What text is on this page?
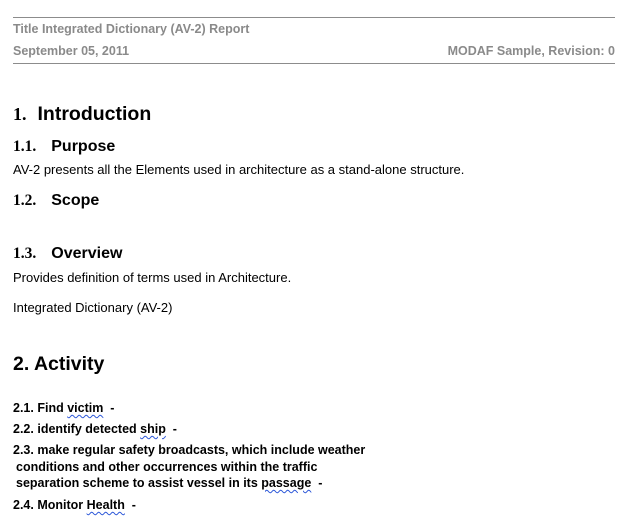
Title Integrated Dictionary (AV-2) Report
September 05, 2011	MODAF Sample, Revision: 0
1. Introduction
1.1. Purpose
AV-2 presents all the Elements used in architecture as a stand-alone structure.
1.2. Scope
1.3. Overview
Provides definition of terms used in Architecture.
Integrated Dictionary (AV-2)
2. Activity
2.1. Find victim  -
2.2. identify detected ship  -
2.3. make regular safety broadcasts, which include weather
conditions and other occurrences within the traffic
separation scheme to assist vessel in its passage  -
2.4. Monitor Health  -
